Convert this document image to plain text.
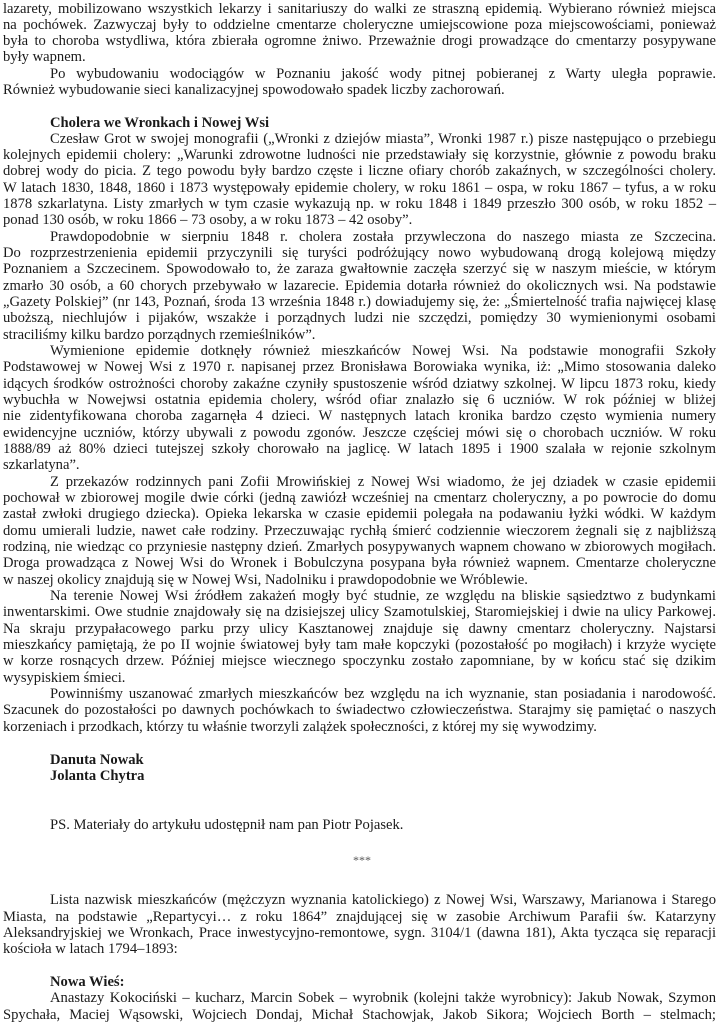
lazarety, mobilizowano wszystkich lekarzy i sanitariuszy do walki ze straszną epidemią. Wybierano również miejsca
na pochówek. Zazwyczaj były to oddzielne cmentarze choleryczne umiejscowione poza miejscowościami, ponieważ
była to choroba wstydliwa, która zbierała ogromne żniwo. Przeważnie drogi prowadzące do cmentarzy posypywane
były wapnem.
Po wybudowaniu wodociągów w Poznaniu jakość wody pitnej pobieranej z Warty uległa poprawie.
Również wybudowanie sieci kanalizacyjnej spowodowało spadek liczby zachorowań.
Cholera we Wronkach i Nowej Wsi
Czesław Grot w swojej monografii („Wronki z dziejów miasta”, Wronki 1987 r.) pisze następująco o przebiegu
kolejnych epidemii cholery: „Warunki zdrowotne ludności nie przedstawiały się korzystnie, głównie z powodu braku
dobrej wody do picia. Z tego powodu były bardzo częste i liczne ofiary chorób zakaźnych, w szczególności cholery.
W latach 1830, 1848, 1860 i 1873 występowały epidemie cholery, w roku 1861 – ospa, w roku 1867 – tyfus, a w roku
1878 szkarlatyna. Listy zmarłych w tym czasie wykazują np. w roku 1848 i 1849 przeszło 300 osób, w roku 1852 –
ponad 130 osób, w roku 1866 – 73 osoby, a w roku 1873 – 42 osoby”.
Prawdopodobnie w sierpniu 1848 r. cholera została przywleczona do naszego miasta ze Szczecina.
Do rozprzestrzenienia epidemii przyczynili się turyści podróżujący nowo wybudowaną drogą kolejową między
Poznaniem a Szczecinem. Spowodowało to, że zaraza gwałtownie zaczęła szerzyć się w naszym mieście, w którym
zmarło 30 osób, a 60 chorych przebywało w lazarecie. Epidemia dotarła również do okolicznych wsi. Na podstawie
„Gazety Polskiej” (nr 143, Poznań, środa 13 września 1848 r.) dowiadujemy się, że: „Śmiertelność trafia najwięcej klasę
uboższą, niechlujów i pijaków, wszakże i porządnych ludzi nie szczędzi, pomiędzy 30 wymienionymi osobami
straciliśmy kilku bardzo porządnych rzemieślników”.
Wymienione epidemie dotknęły również mieszkańców Nowej Wsi. Na podstawie monografii Szkoły
Podstawowej w Nowej Wsi z 1970 r. napisanej przez Bronisława Borowiaka wynika, iż: „Mimo stosowania daleko
idących środków ostrożności choroby zakaźne czyniły spustoszenie wśród dziatwy szkolnej. W lipcu 1873 roku, kiedy
wybuchła w Nowejwsi ostatnia epidemia cholery, wśród ofiar znalazło się 6 uczniów. W rok później w bliżej
nie zidentyfikowana choroba zagarnęła 4 dzieci. W następnych latach kronika bardzo często wymienia numery
ewidencyjne uczniów, którzy ubywali z powodu zgonów. Jeszcze częściej mówi się o chorobach uczniów. W roku
1888/89 aż 80% dzieci tutejszej szkoły chorowało na jaglicę. W latach 1895 i 1900 szalała w rejonie szkolnym
szkarlatyna”.
Z przekazów rodzinnych pani Zofii Mrowińskiej z Nowej Wsi wiadomo, że jej dziadek w czasie epidemii
pochował w zbiorowej mogile dwie córki (jedną zawiózł wcześniej na cmentarz choleryczny, a po powrocie do domu
zastał zwłoki drugiego dziecka). Opieka lekarska w czasie epidemii polegała na podawaniu łyżki wódki. W każdym
domu umierali ludzie, nawet całe rodziny. Przeczuwając rychłą śmierć codziennie wieczorem żegnali się z najbliższą
rodziną, nie wiedząc co przyniesie następny dzień. Zmarłych posypywanych wapnem chowano w zbiorowych mogiłach.
Droga prowadząca z Nowej Wsi do Wronek i Bobulczyna posypana była również wapnem. Cmentarze choleryczne
w naszej okolicy znajdują się w Nowej Wsi, Nadolniku i prawdopodobnie we Wróblewie.
Na terenie Nowej Wsi źródłem zakażeń mogły być studnie, ze względu na bliskie sąsiedztwo z budynkami
inwentarskimi. Owe studnie znajdowały się na dzisiejszej ulicy Szamotulskiej, Staromiejskiej i dwie na ulicy Parkowej.
Na skraju przypałacowego parku przy ulicy Kasztanowej znajduje się dawny cmentarz choleryczny. Najstarsi
mieszkańcy pamiętają, że po II wojnie światowej były tam małe kopczyki (pozostałość po mogiłach) i krzyże wycięte
w korze rosnących drzew. Później miejsce wiecznego spoczynku zostało zapomniane, by w końcu stać się dzikim
wysypiskiem śmieci.
Powinniśmy uszanować zmarłych mieszkańców bez względu na ich wyznanie, stan posiadania i narodowość.
Szacunek do pozostałości po dawnych pochówkach to świadectwo człowieczeństwa. Starajmy się pamiętać o naszych
korzeniach i przodkach, którzy tu właśnie tworzyli zalążek społeczności, z której my się wywodzimy.
Danuta Nowak
Jolanta Chytra
PS. Materiały do artykułu udostępnił nam pan Piotr Pojasek.
***
Lista nazwisk mieszkańców (mężczyzn wyznania katolickiego) z Nowej Wsi, Warszawy, Marianowa i Starego
Miasta, na podstawie „Repartycyi… z roku 1864” znajdującej się w zasobie Archiwum Parafii św. Katarzyny
Aleksandryjskiej we Wronkach, Prace inwestycyjno-remontowe, sygn. 3104/1 (dawna 181), Akta tycząca się reparacji
kościoła w latach 1794–1893:
Nowa Wieś:
Anastazy Kokociński – kucharz, Marcin Sobek – wyrobnik (kolejni także wyrobnicy): Jakub Nowak, Szymon
Spychała, Maciej Wąsowski, Wojciech Dondaj, Michał Stachowjak, Jakob Sikora; Wojciech Borth – stelmach;
